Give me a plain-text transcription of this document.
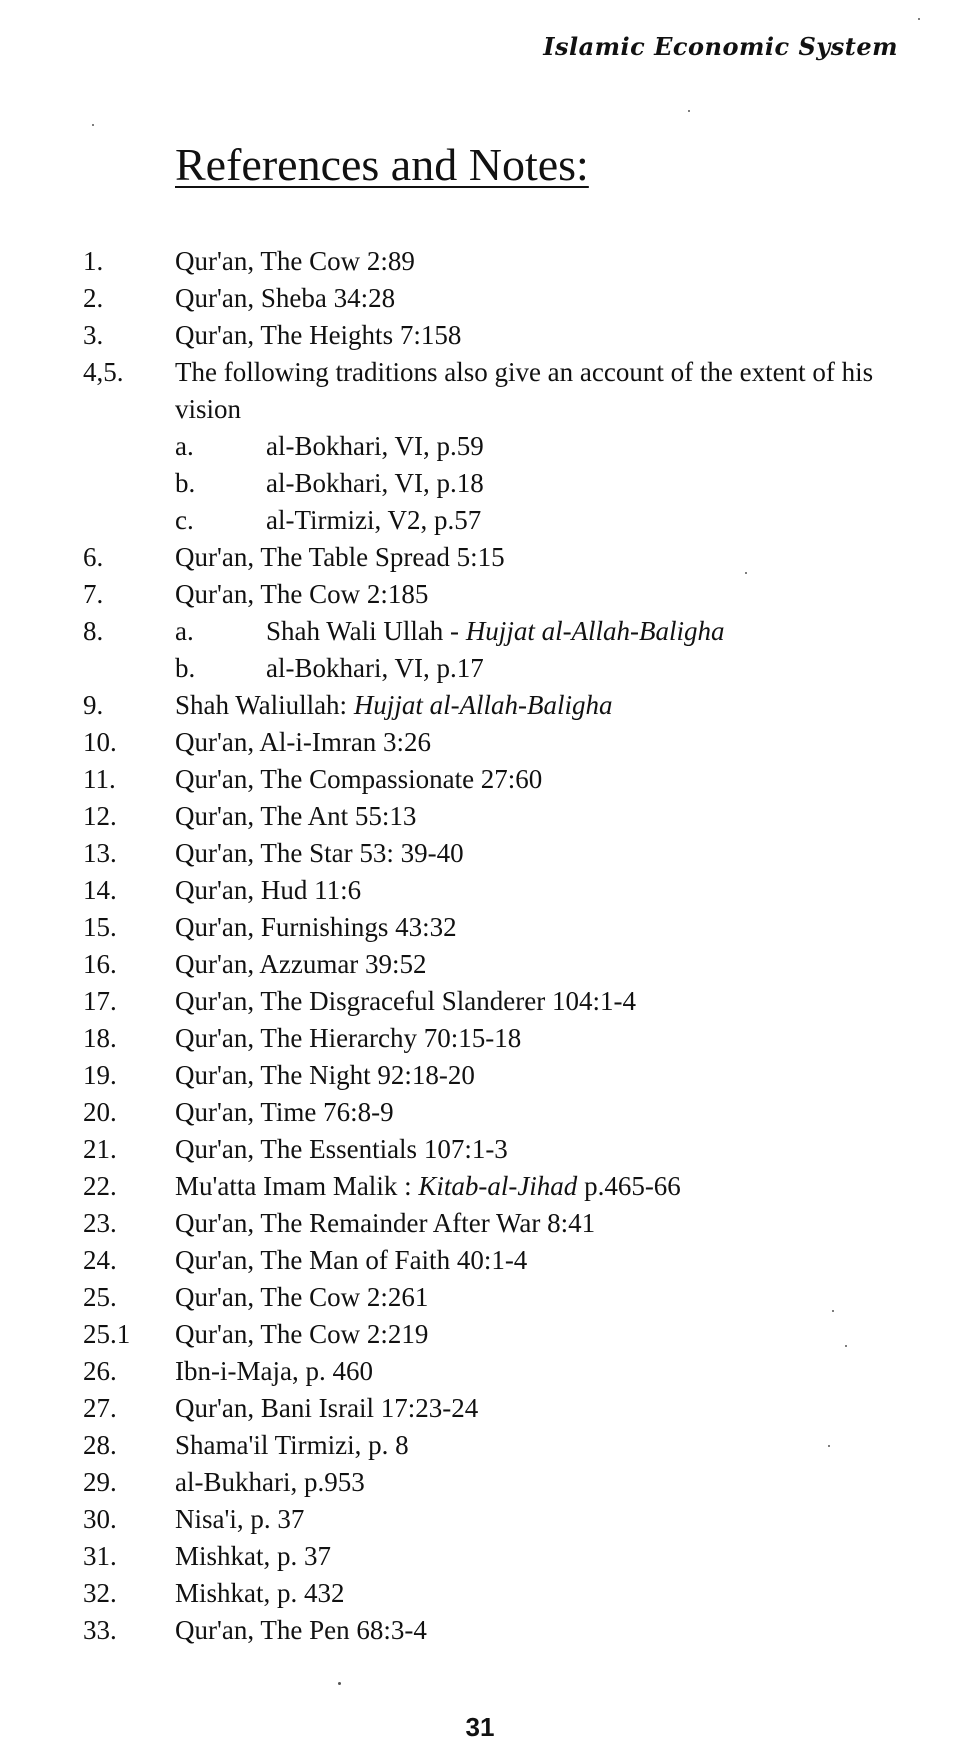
Islamic Economic System
References and Notes:
1.	Qur'an, The Cow 2:89
2.	Qur'an, Sheba 34:28
3.	Qur'an, The Heights 7:158
4,5. The following traditions also give an account of the extent of his vision
a.	al-Bokhari, VI, p.59
b.	al-Bokhari, VI, p.18
c.	al-Tirmizi, V2, p.57
6.	Qur'an, The Table Spread 5:15
7.	Qur'an, The Cow 2:185
8.	a.	Shah Wali Ullah - Hujjat al-Allah-Baligha
b.	al-Bokhari, VI, p.17
9.	Shah Waliullah: Hujjat al-Allah-Baligha
10. Qur'an, Al-i-Imran 3:26
11. Qur'an, The Compassionate 27:60
12. Qur'an, The Ant 55:13
13. Qur'an, The Star 53: 39-40
14. Qur'an, Hud 11:6
15. Qur'an, Furnishings 43:32
16. Qur'an, Azzumar 39:52
17. Qur'an, The Disgraceful Slanderer 104:1-4
18. Qur'an, The Hierarchy 70:15-18
19. Qur'an, The Night 92:18-20
20. Qur'an, Time 76:8-9
21. Qur'an, The Essentials 107:1-3
22. Mu'atta Imam Malik : Kitab-al-Jihad p.465-66
23. Qur'an, The Remainder After War 8:41
24. Qur'an, The Man of Faith 40:1-4
25. Qur'an, The Cow 2:261
25.1 Qur'an, The Cow 2:219
26. Ibn-i-Maja, p. 460
27. Qur'an, Bani Israil 17:23-24
28. Shama'il Tirmizi, p. 8
29. al-Bukhari, p.953
30. Nisa'i, p. 37
31. Mishkat, p. 37
32. Mishkat, p. 432
33. Qur'an, The Pen 68:3-4
31
